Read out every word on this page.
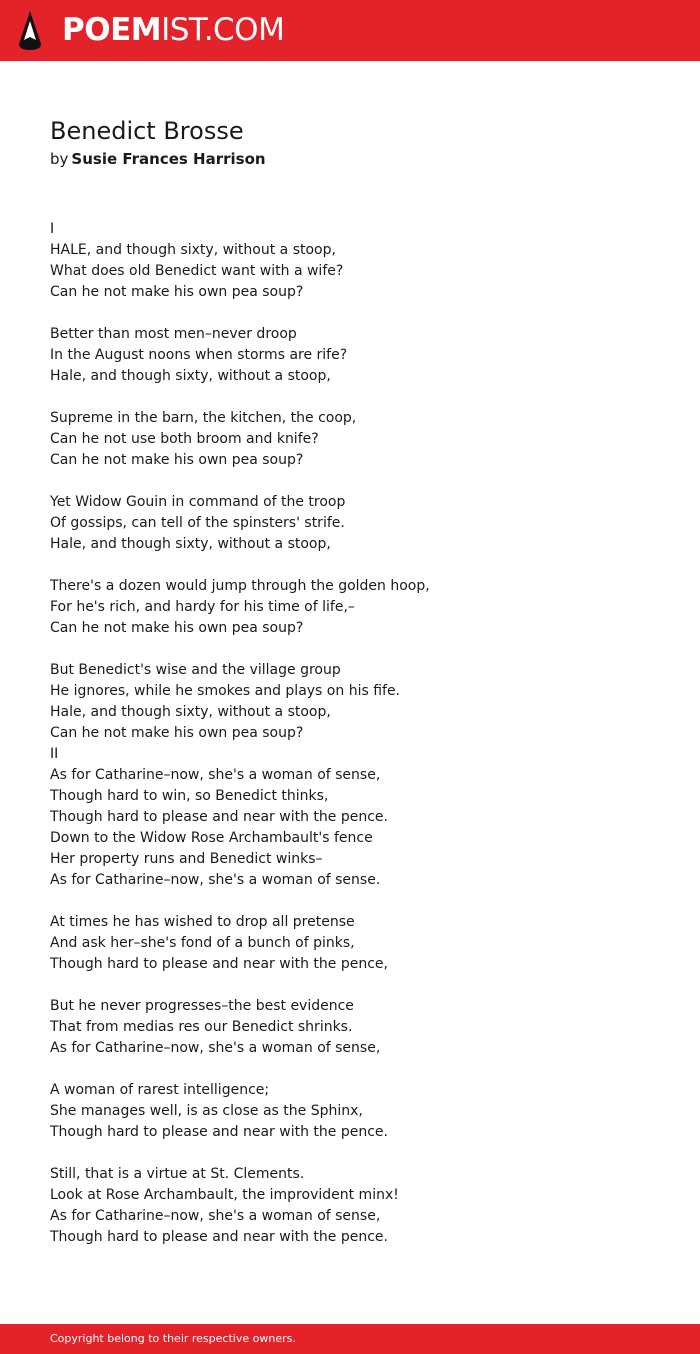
POEMIST.COM
Benedict Brosse
by Susie Frances Harrison
I
HALE, and though sixty, without a stoop,
What does old Benedict want with a wife?
Can he not make his own pea soup?
Better than most men–never droop
In the August noons when storms are rife?
Hale, and though sixty, without a stoop,
Supreme in the barn, the kitchen, the coop,
Can he not use both broom and knife?
Can he not make his own pea soup?
Yet Widow Gouin in command of the troop
Of gossips, can tell of the spinsters' strife.
Hale, and though sixty, without a stoop,
There's a dozen would jump through the golden hoop,
For he's rich, and hardy for his time of life,–
Can he not make his own pea soup?
But Benedict's wise and the village group
He ignores, while he smokes and plays on his fife.
Hale, and though sixty, without a stoop,
Can he not make his own pea soup?
II
As for Catharine–now, she's a woman of sense,
Though hard to win, so Benedict thinks,
Though hard to please and near with the pence.
Down to the Widow Rose Archambault's fence
Her property runs and Benedict winks–
As for Catharine–now, she's a woman of sense.
At times he has wished to drop all pretense
And ask her–she's fond of a bunch of pinks,
Though hard to please and near with the pence,
But he never progresses–the best evidence
That from medias res our Benedict shrinks.
As for Catharine–now, she's a woman of sense,
A woman of rarest intelligence;
She manages well, is as close as the Sphinx,
Though hard to please and near with the pence.
Still, that is a virtue at St. Clements.
Look at Rose Archambault, the improvident minx!
As for Catharine–now, she's a woman of sense,
Though hard to please and near with the pence.
Copyright belong to their respective owners.
